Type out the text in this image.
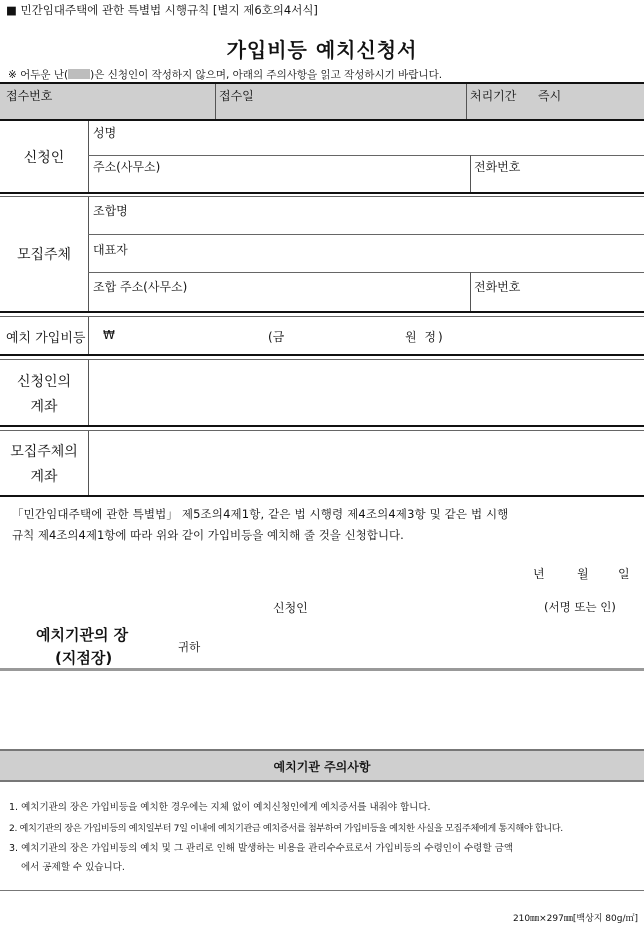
■ 민간임대주택에 관한 특별법 시행규칙 [별지 제6호의4서식]
가입비등 예치신청서
※ 어두운 난( )은 신청인이 작성하지 않으며, 아래의 주의사항을 읽고 작성하시기 바랍니다.
접수번호	접수일	처리기간 즉시
신청인
성명
주소(사무소)	전화번호
모집주체
조합명
대표자
조합 주소(사무소)	전화번호
예치 가입비등 ₩	(금	원 정)
신청인의
계좌
모집주체의
계좌
「민간임대주택에 관한 특별법」 제5조의4제1항, 같은 법 시행령 제4조의4제3항 및 같은 법 시행
규칙 제4조의4제1항에 따라 위와 같이 가입비등을 예치해 줄 것을 신청합니다.
년	월 일
신청인	(서명 또는 인)
예치기관의 장
(지점장)
귀하
예치기관 주의사항
1. 예치기관의 장은 가입비등을 예치한 경우에는 지체 없이 예치신청인에게 예치증서를 내줘야 합니다.
2. 예치기관의 장은 가입비등의 예치일부터 7일 이내에 예치기관금 예치증서를 첨부하여 가입비등을 예치한 사실을 모집주체에게 통지해야 합니다.
3. 예치기관의 장은 가입비등의 예치 및 그 관리로 인해 발생하는 비용을 관리수수료로서 가입비등의 수령인이 수령할 금액
에서 공제할 수 있습니다.
210㎜×297㎜[백상지 80g/㎡]
